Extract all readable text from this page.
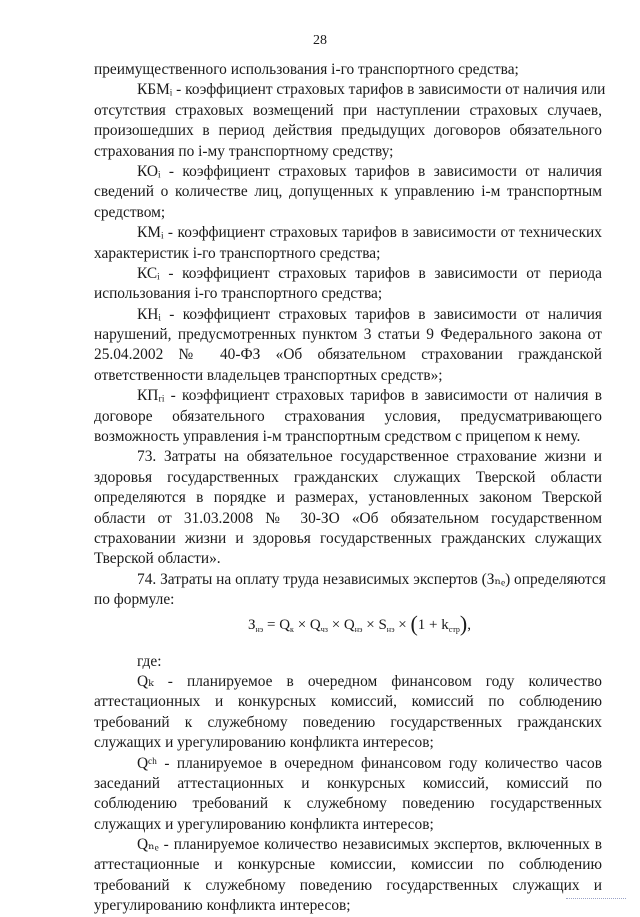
28
преимущественного использования i-го транспортного средства;
КБМᵢ - коэффициент страховых тарифов в зависимости от наличия или
отсутствия страховых возмещений при наступлении страховых случаев,
произошедших в период действия предыдущих договоров обязательного
страхования по i-му транспортному средству;
КОᵢ - коэффициент страховых тарифов в зависимости от наличия
сведений о количестве лиц, допущенных к управлению i-м транспортным
средством;
КМᵢ - коэффициент страховых тарифов в зависимости от технических
характеристик i-го транспортного средства;
КСᵢ - коэффициент страховых тарифов в зависимости от периода
использования i-го транспортного средства;
КНᵢ - коэффициент страховых тарифов в зависимости от наличия
нарушений, предусмотренных пунктом 3 статьи 9 Федерального закона от
25.04.2002 № 40-ФЗ «Об обязательном страховании гражданской
ответственности владельцев транспортных средств»;
КПᵣᵢ - коэффициент страховых тарифов в зависимости от наличия в
договоре обязательного страхования условия, предусматривающего
возможность управления i-м транспортным средством с прицепом к нему.
73. Затраты на обязательное государственное страхование жизни и
здоровья государственных гражданских служащих Тверской области
определяются в порядке и размерах, установленных законом Тверской
области от 31.03.2008 № 30-ЗО «Об обязательном государственном
страховании жизни и здоровья государственных гражданских служащих
Тверской области».
74. Затраты на оплату труда независимых экспертов (Зₙₑ) определяются
по формуле:
$З_{нэ} = Q_к \times Q_{чз} \times Q_{нэ} \times S_{нэ} \times (1 + k_{стр})$,
где:
Qₖ - планируемое в очередном финансовом году количество
аттестационных и конкурсных комиссий, комиссий по соблюдению
требований к служебному поведению государственных гражданских
служащих и урегулированию конфликта интересов;
Qᶜʰ - планируемое в очередном финансовом году количество часов
заседаний аттестационных и конкурсных комиссий, комиссий по
соблюдению требований к служебному поведению государственных
служащих и урегулированию конфликта интересов;
Qₙₑ - планируемое количество независимых экспертов, включенных в
аттестационные и конкурсные комиссии, комиссии по соблюдению
требований к служебному поведению государственных служащих и
урегулированию конфликта интересов;
